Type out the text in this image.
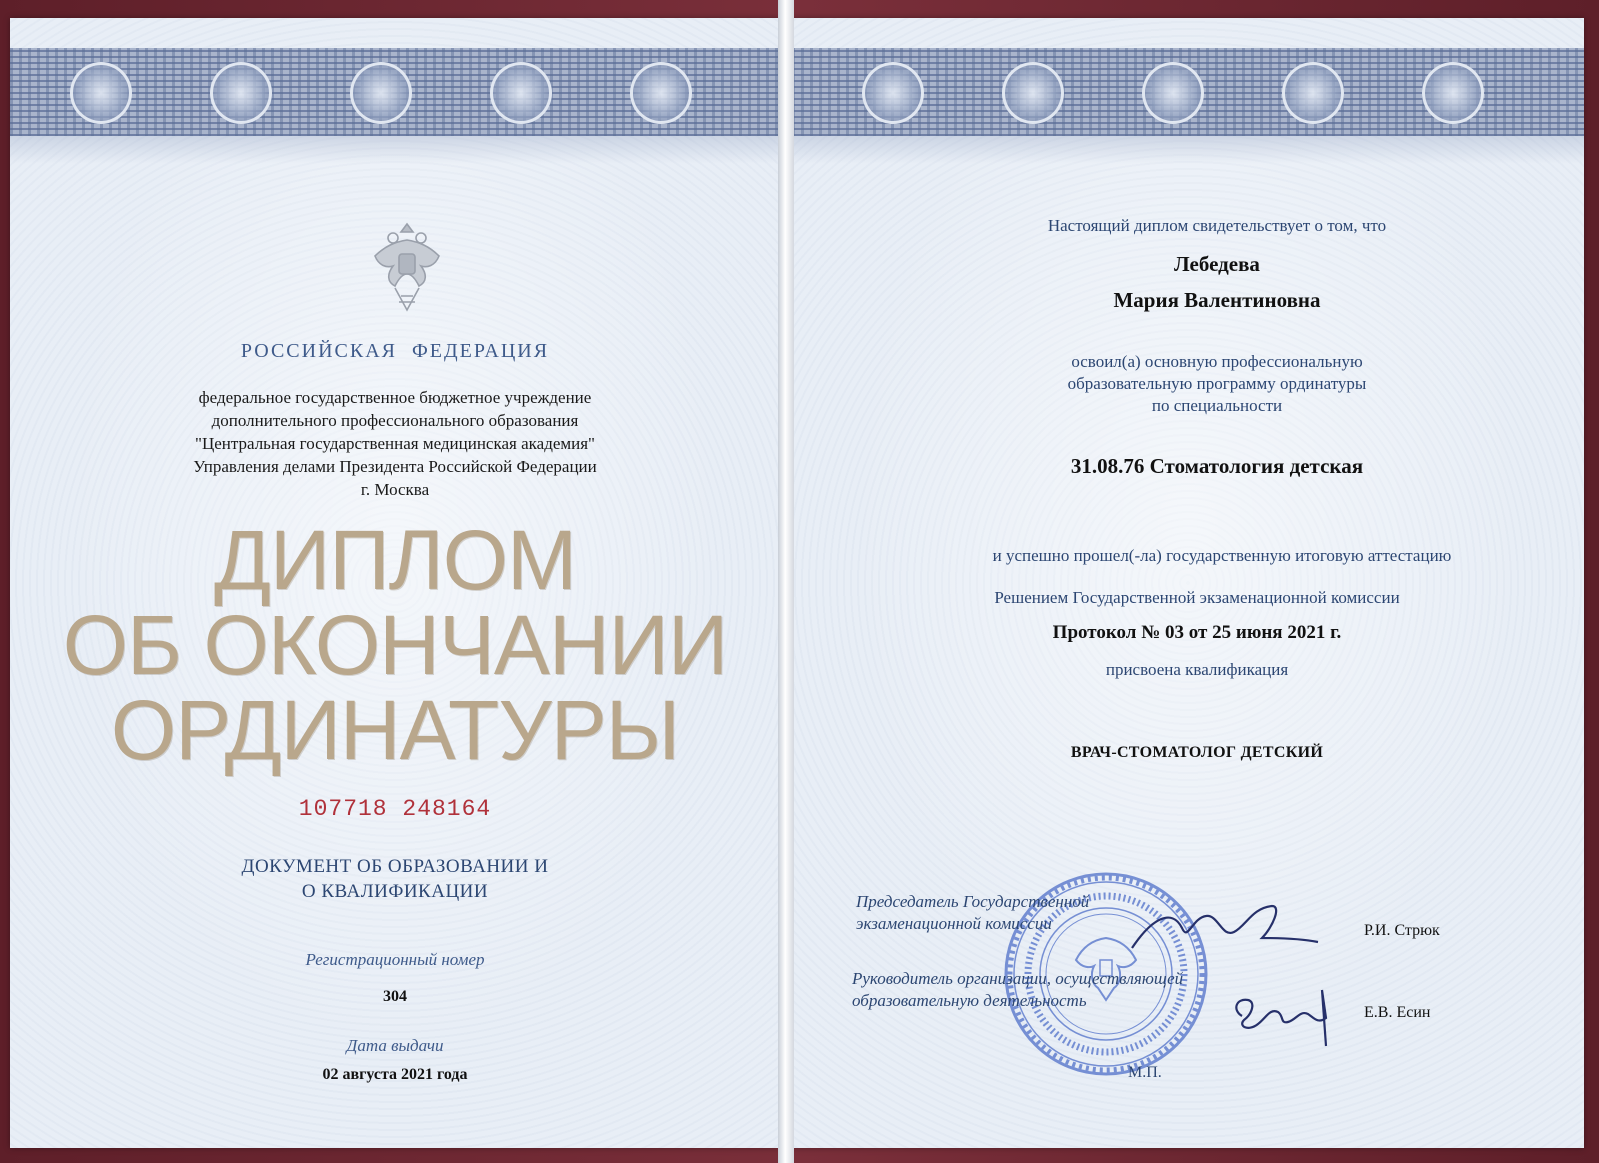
РОССИЙСКАЯ ФЕДЕРАЦИЯ
федеральное государственное бюджетное учреждение
дополнительного профессионального образования
"Центральная государственная медицинская академия"
Управления делами Президента Российской Федерации
г. Москва
ДИПЛОМ
ОБ ОКОНЧАНИИ
ОРДИНАТУРЫ
107718 248164
ДОКУМЕНТ ОБ ОБРАЗОВАНИИ И
О КВАЛИФИКАЦИИ
Регистрационный номер
304
Дата выдачи
02 августа 2021 года
Настоящий диплом свидетельствует о том, что
Лебедева
Мария Валентиновна
освоил(а) основную профессиональную
образовательную программу ординатуры
по специальности
31.08.76 Стоматология детская
и успешно прошел(-ла) государственную итоговую аттестацию
Решением Государственной экзаменационной комиссии
Протокол № 03 от 25 июня 2021 г.
присвоена квалификация
ВРАЧ-СТОМАТОЛОГ ДЕТСКИЙ
Председатель Государственной
экзаменационной комиссии	Р.И. Стрюк
Руководитель организации, осуществляющей
образовательную деятельность
Е.В. Есин
М.П.
